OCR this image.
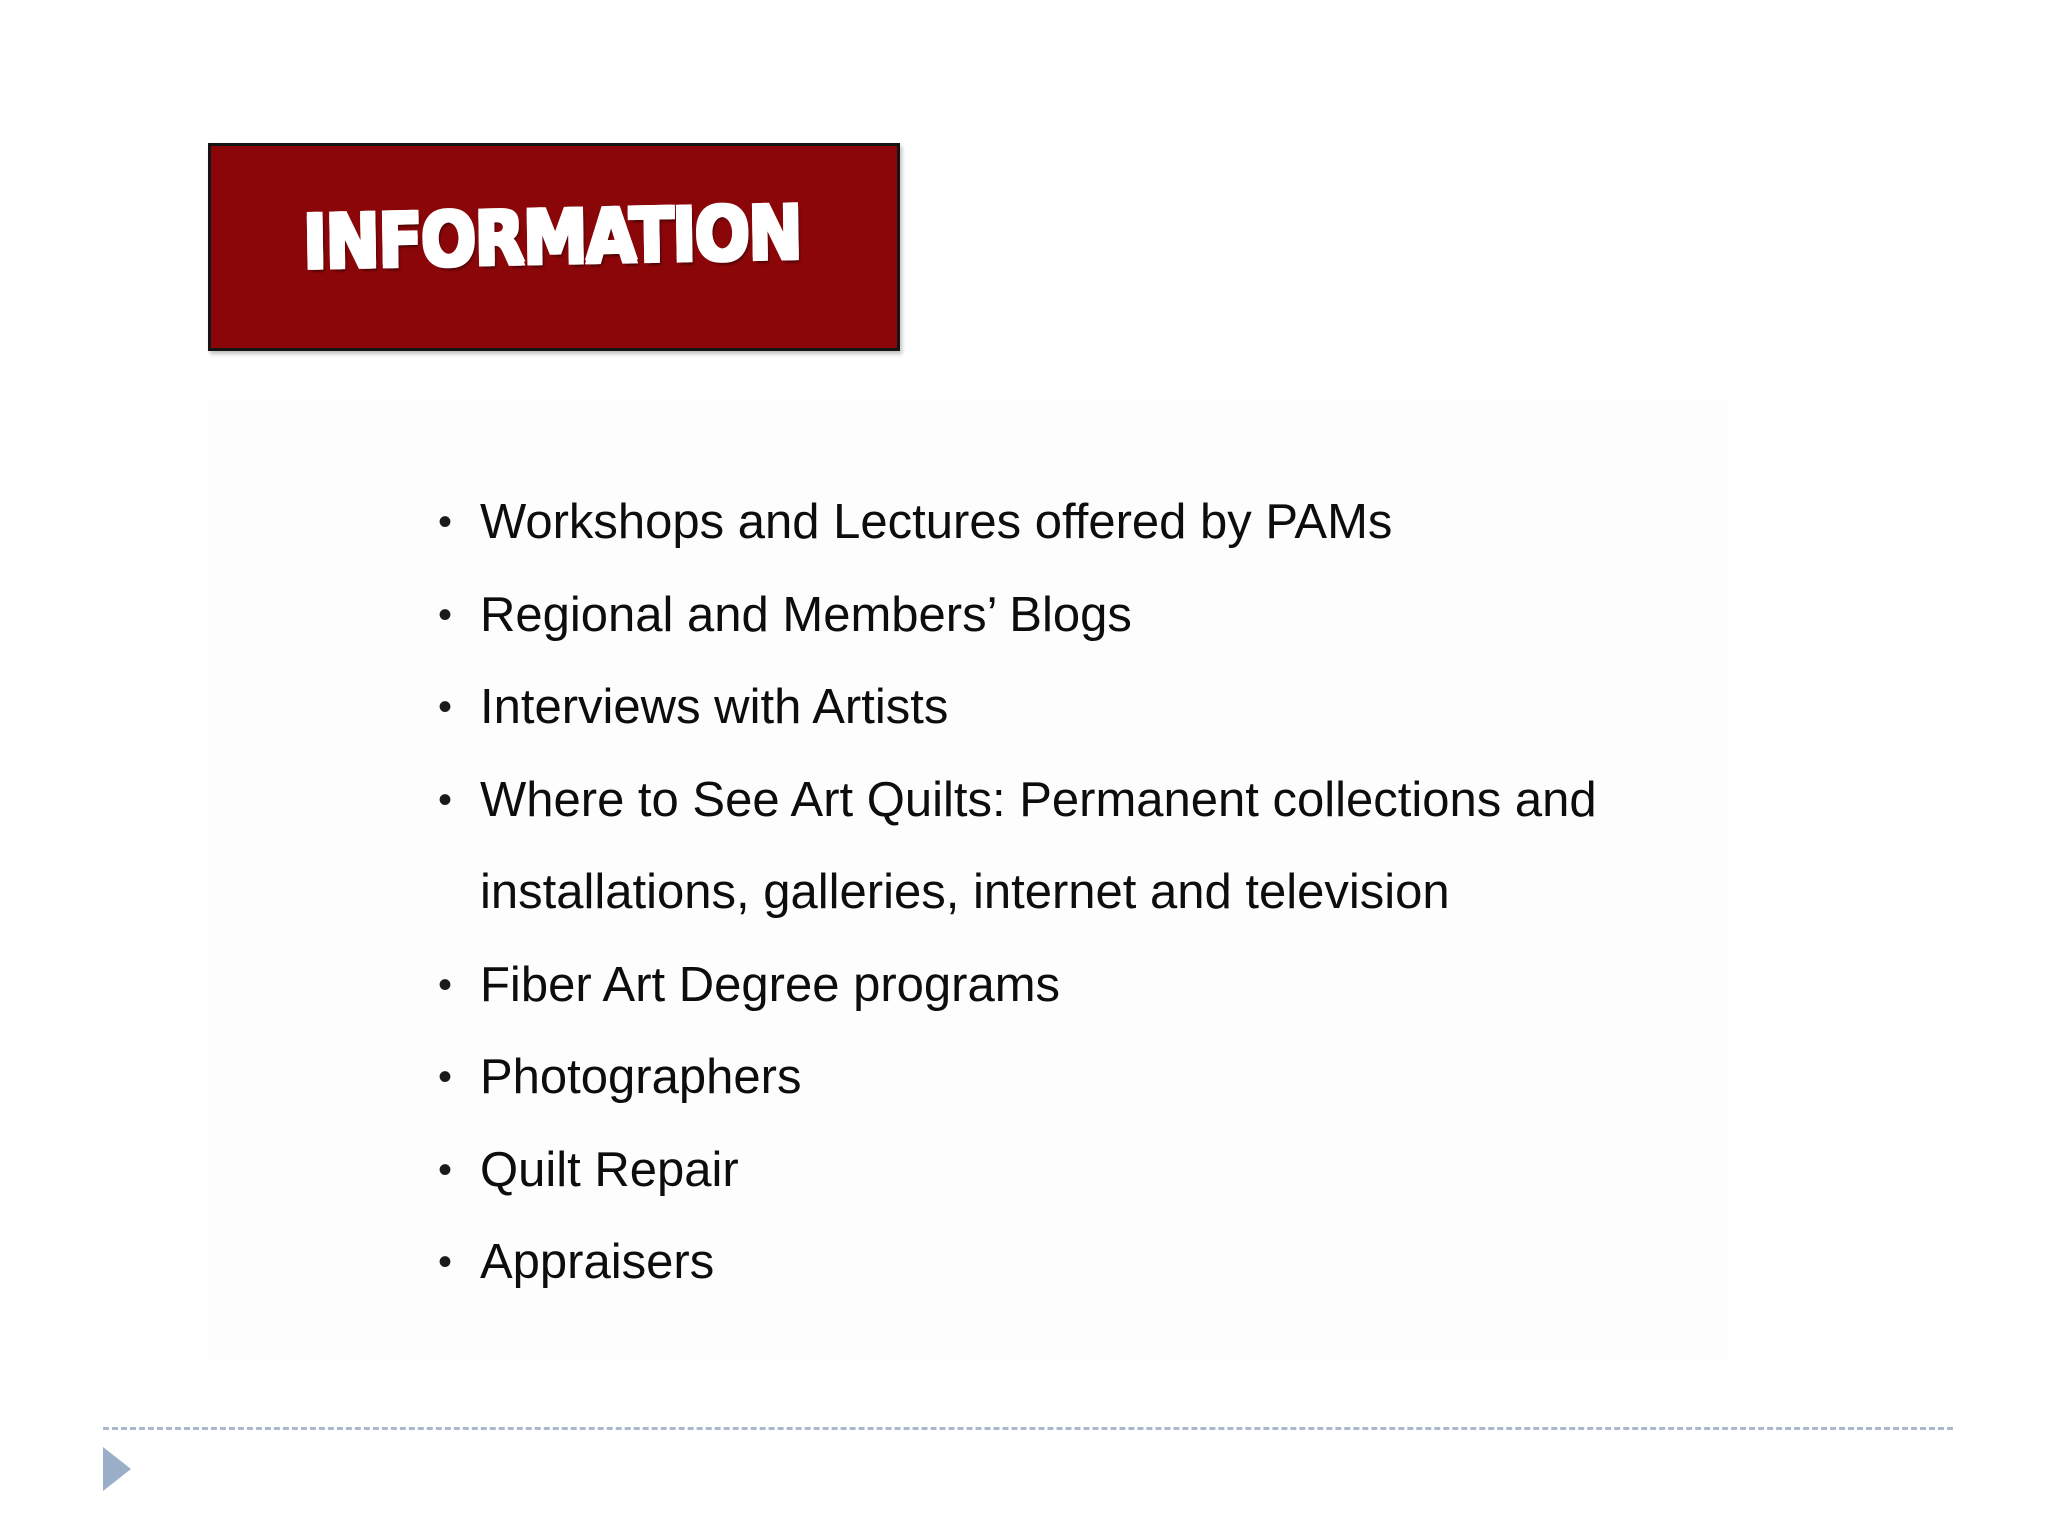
INFORMATION
• Workshops and Lectures offered by PAMs
• Regional and Members’ Blogs
• Interviews with Artists
• Where to See Art Quilts: Permanent collections and installations, galleries, internet and television
• Fiber Art Degree programs
• Photographers
• Quilt Repair
• Appraisers
